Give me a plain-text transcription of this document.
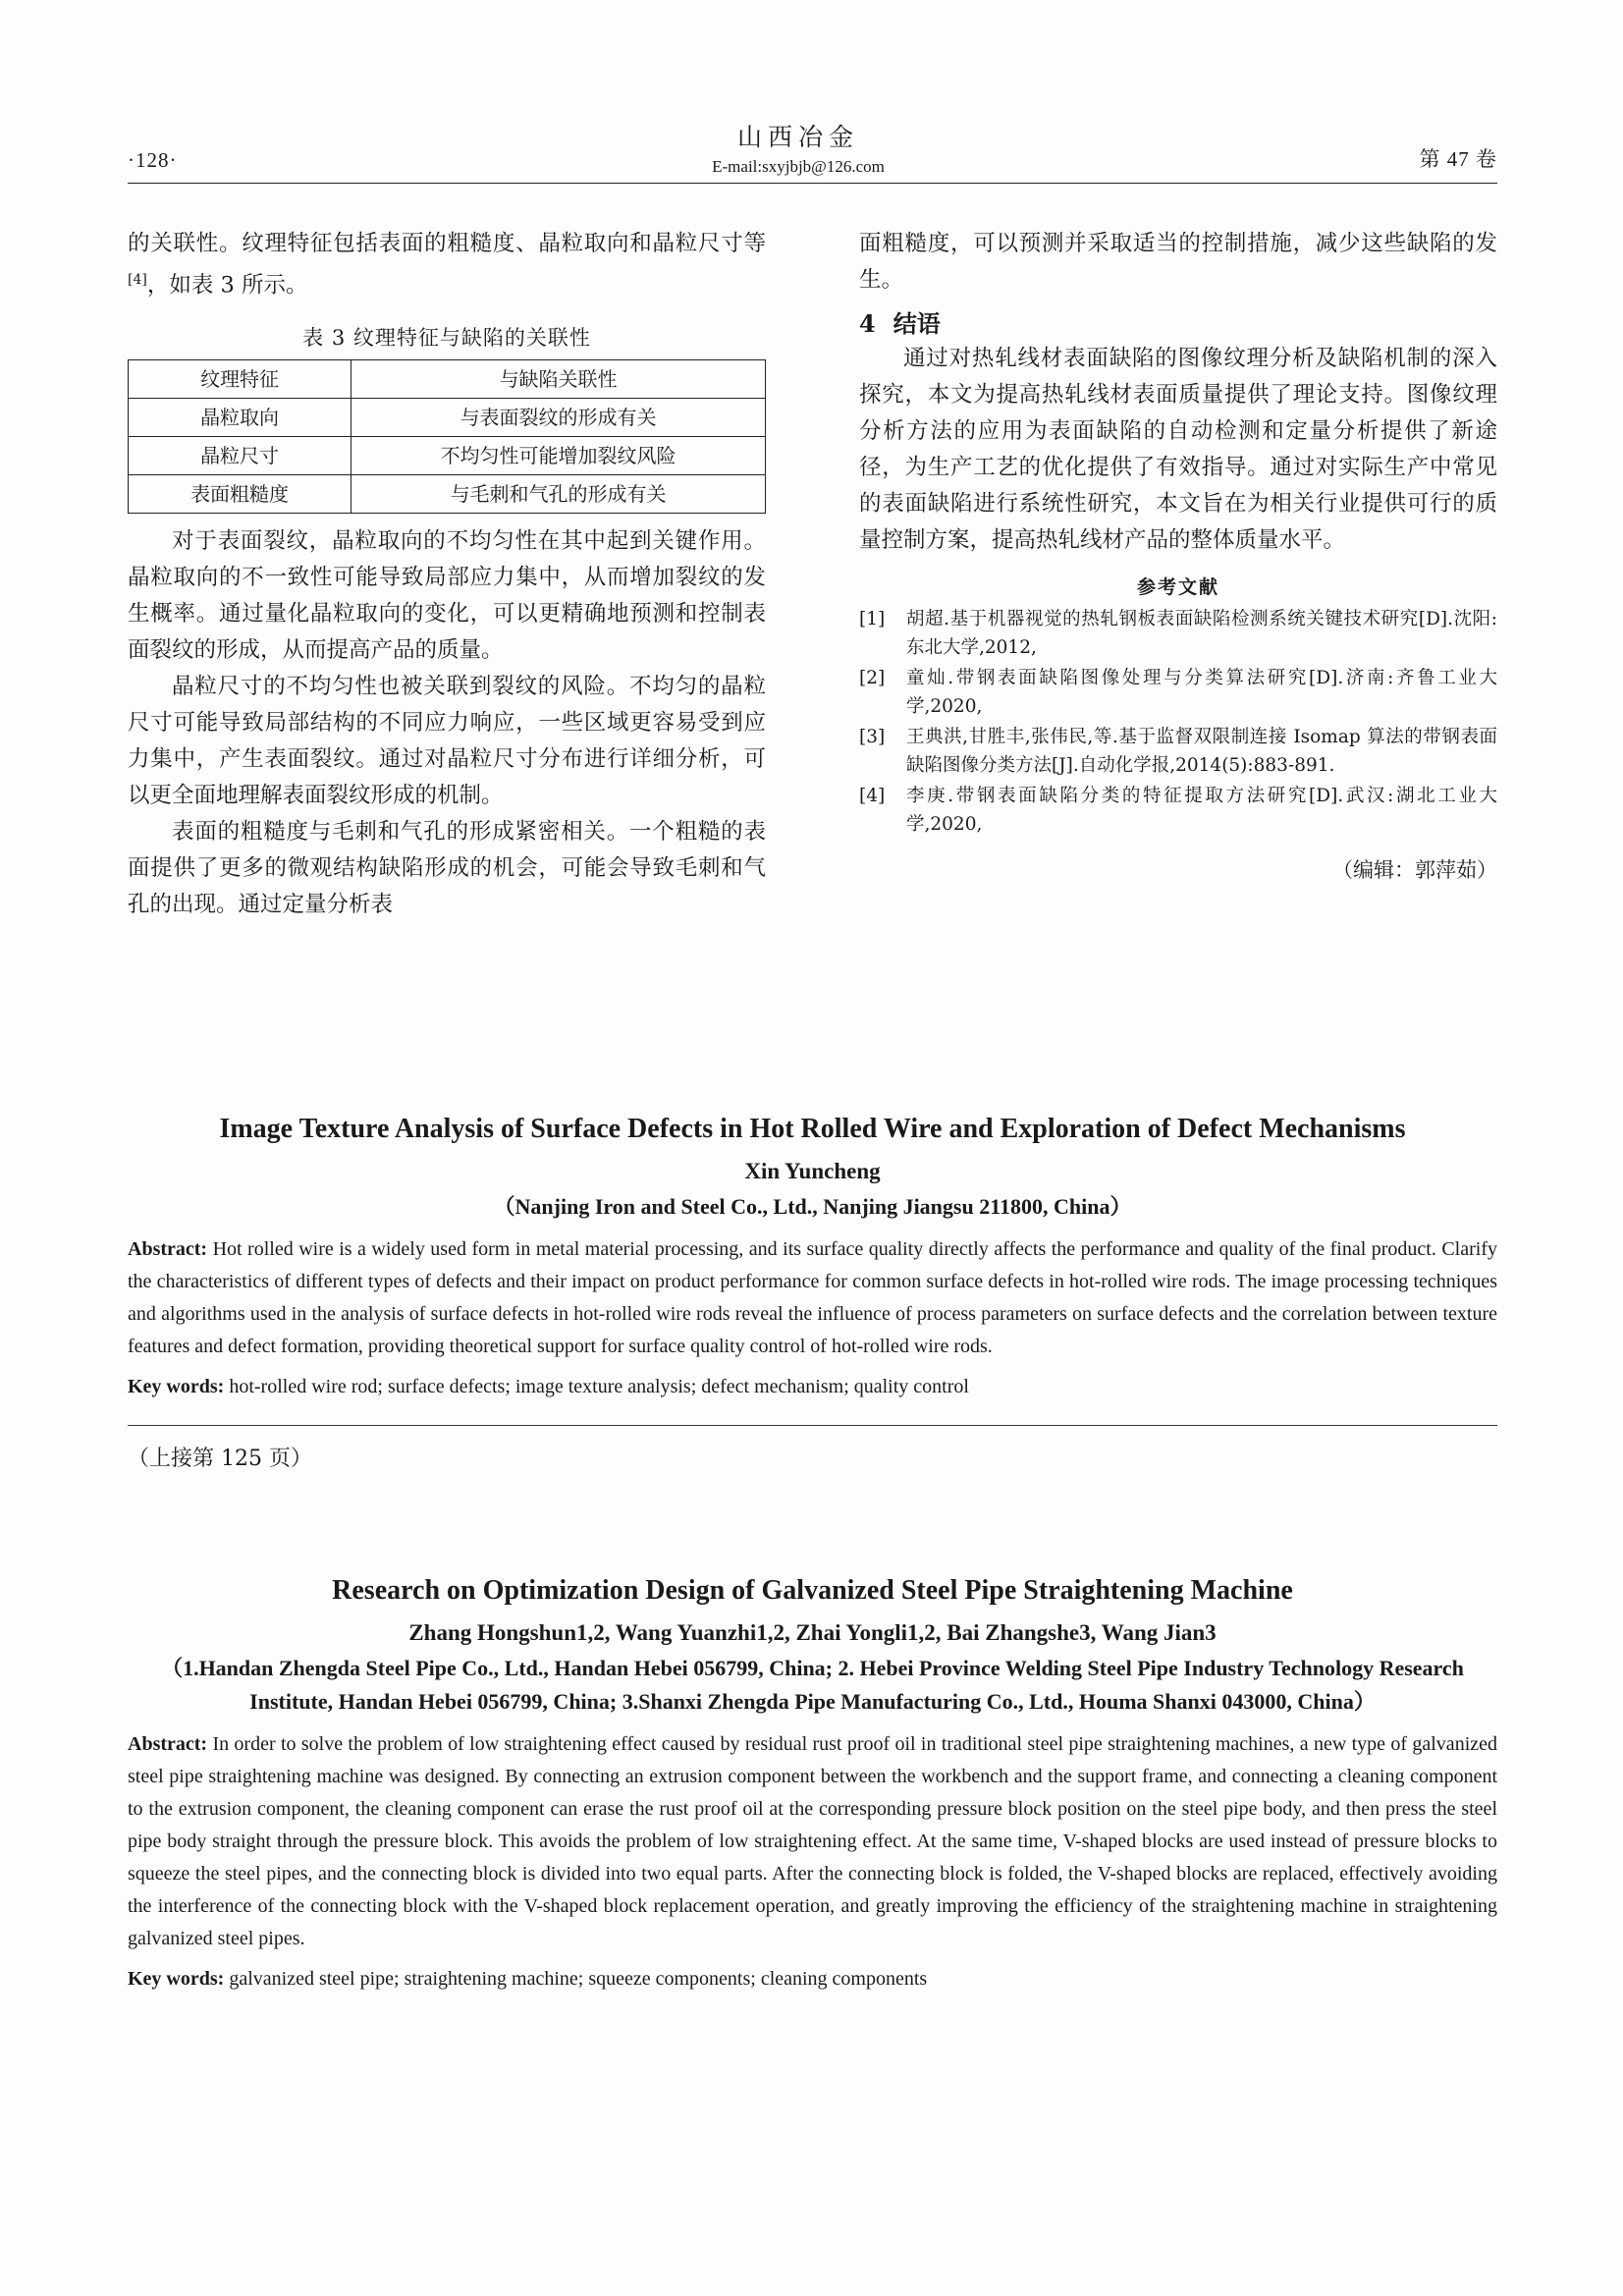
·128·
山西冶金
E-mail:sxyjbjb@126.com	第 47 卷

的关联性。纹理特征包括表面的粗糙度、晶粒取向和晶粒尺寸等[4]，如表 3 所示。

表 3 纹理特征与缺陷的关联性
纹理特征	与缺陷关联性
晶粒取向	与表面裂纹的形成有关
晶粒尺寸	不均匀性可能增加裂纹风险
表面粗糙度	与毛刺和气孔的形成有关

对于表面裂纹，晶粒取向的不均匀性在其中起到关键作用。晶粒取向的不一致性可能导致局部应力集中，从而增加裂纹的发生概率。通过量化晶粒取向的变化，可以更精确地预测和控制表面裂纹的形成，从而提高产品的质量。

晶粒尺寸的不均匀性也被关联到裂纹的风险。不均匀的晶粒尺寸可能导致局部结构的不同应力响应，一些区域更容易受到应力集中，产生表面裂纹。通过对晶粒尺寸分布进行详细分析，可以更全面地理解表面裂纹形成的机制。

表面的粗糙度与毛刺和气孔的形成紧密相关。一个粗糙的表面提供了更多的微观结构缺陷形成的机会，可能会导致毛刺和气孔的出现。通过定量分析表

面粗糙度，可以预测并采取适当的控制措施，减少这些缺陷的发生。

4 结语

通过对热轧线材表面缺陷的图像纹理分析及缺陷机制的深入探究，本文为提高热轧线材表面质量提供了理论支持。图像纹理分析方法的应用为表面缺陷的自动检测和定量分析提供了新途径，为生产工艺的优化提供了有效指导。通过对实际生产中常见的表面缺陷进行系统性研究，本文旨在为相关行业提供可行的质量控制方案，提高热轧线材产品的整体质量水平。

参考文献
[1]	胡超.基于机器视觉的热轧钢板表面缺陷检测系统关键技术研究[D].沈阳:东北大学,2012,
[2]	童灿.带钢表面缺陷图像处理与分类算法研究[D].济南:齐鲁工业大学,2020,
[3]	王典洪,甘胜丰,张伟民,等.基于监督双限制连接 Isomap 算法的带钢表面缺陷图像分类方法[J].自动化学报,2014(5):883-891.
[4]	李庚.带钢表面缺陷分类的特征提取方法研究[D].武汉:湖北工业大学,2020,
（编辑：郭萍茹）
Image Texture Analysis of Surface Defects in Hot Rolled Wire and Exploration of Defect Mechanisms
Xin Yuncheng
（Nanjing Iron and Steel Co., Ltd., Nanjing Jiangsu 211800, China）
Abstract: Hot rolled wire is a widely used form in metal material processing, and its surface quality directly affects the performance and quality of the final product. Clarify the characteristics of different types of defects and their impact on product performance for common surface defects in hot-rolled wire rods. The image processing techniques and algorithms used in the analysis of surface defects in hot-rolled wire rods reveal the influence of process parameters on surface defects and the correlation between texture features and defect formation, providing theoretical support for surface quality control of hot-rolled wire rods.
Key words: hot-rolled wire rod; surface defects; image texture analysis; defect mechanism; quality control
（上接第 125 页）
Research on Optimization Design of Galvanized Steel Pipe Straightening Machine
Zhang Hongshun1,2, Wang Yuanzhi1,2, Zhai Yongli1,2, Bai Zhangshe3, Wang Jian3
（1.Handan Zhengda Steel Pipe Co., Ltd., Handan Hebei 056799, China; 2. Hebei Province Welding Steel Pipe Industry Technology Research Institute, Handan Hebei 056799, China; 3.Shanxi Zhengda Pipe Manufacturing Co., Ltd., Houma Shanxi 043000, China）
Abstract: In order to solve the problem of low straightening effect caused by residual rust proof oil in traditional steel pipe straightening machines, a new type of galvanized steel pipe straightening machine was designed. By connecting an extrusion component between the workbench and the support frame, and connecting a cleaning component to the extrusion component, the cleaning component can erase the rust proof oil at the corresponding pressure block position on the steel pipe body, and then press the steel pipe body straight through the pressure block. This avoids the problem of low straightening effect. At the same time, V-shaped blocks are used instead of pressure blocks to squeeze the steel pipes, and the connecting block is divided into two equal parts. After the connecting block is folded, the V-shaped blocks are replaced, effectively avoiding the interference of the connecting block with the V-shaped block replacement operation, and greatly improving the efficiency of the straightening machine in straightening galvanized steel pipes.
Key words: galvanized steel pipe; straightening machine; squeeze components; cleaning components
